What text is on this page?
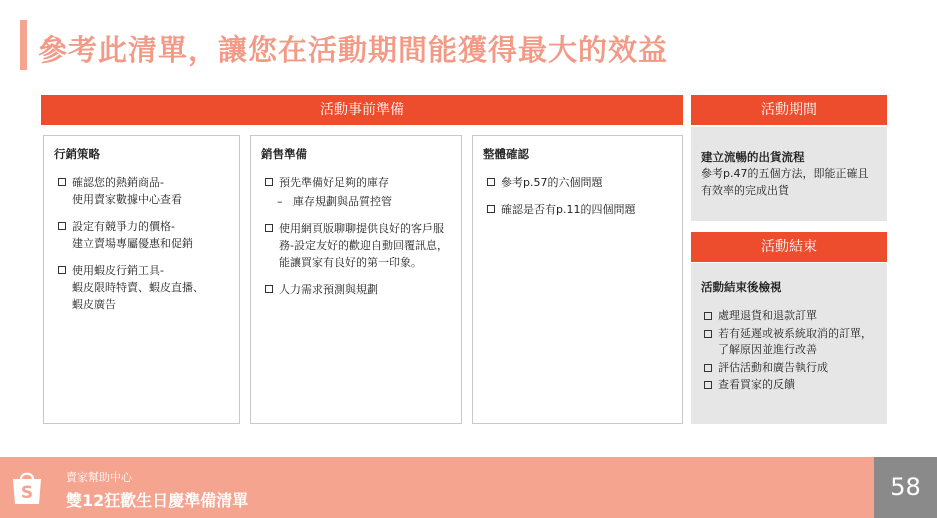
參考此清單，讓您在活動期間能獲得最大的效益
活動事前準備	活動期間
活動結束
行銷策略
確認您的熱銷商品-
使用賣家數據中心查看
設定有競爭力的價格-
建立賣場專屬優惠和促銷
使用蝦皮行銷工具-
蝦皮限時特賣、蝦皮直播、
蝦皮廣告
銷售準備
預先準備好足夠的庫存
– 庫存規劃與品質控管
使用網頁版聊聊提供良好的客戶服務-設定友好的歡迎自動回覆訊息，能讓買家有良好的第一印象。
人力需求預測與規劃
整體確認
參考p.57的六個問題
確認是否有p.11的四個問題
建立流暢的出貨流程
參考p.47的五個方法，即能正確且有效率的完成出貨
活動結束後檢視
處理退貨和退款訂單
若有延遲或被系統取消的訂單，了解原因並進行改善
評估活動和廣告執行成
查看買家的反饋
S
賣家幫助中心
雙12狂歡生日慶準備清單	58
